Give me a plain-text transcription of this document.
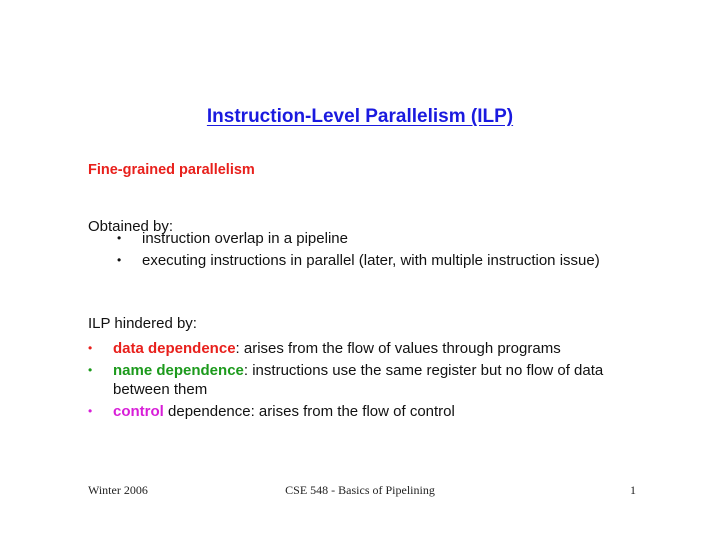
Instruction-Level Parallelism (ILP)

Fine-grained parallelism

Obtained by:

•	instruction overlap in a pipeline
•	executing instructions in parallel (later, with multiple instruction issue)

ILP hindered by:

•	data dependence: arises from the flow of values through programs
•	name dependence: instructions use the same register but no flow of data between them
•	control dependence: arises from the flow of control

Winter 2006	CSE 548 - Basics of Pipelining	1
